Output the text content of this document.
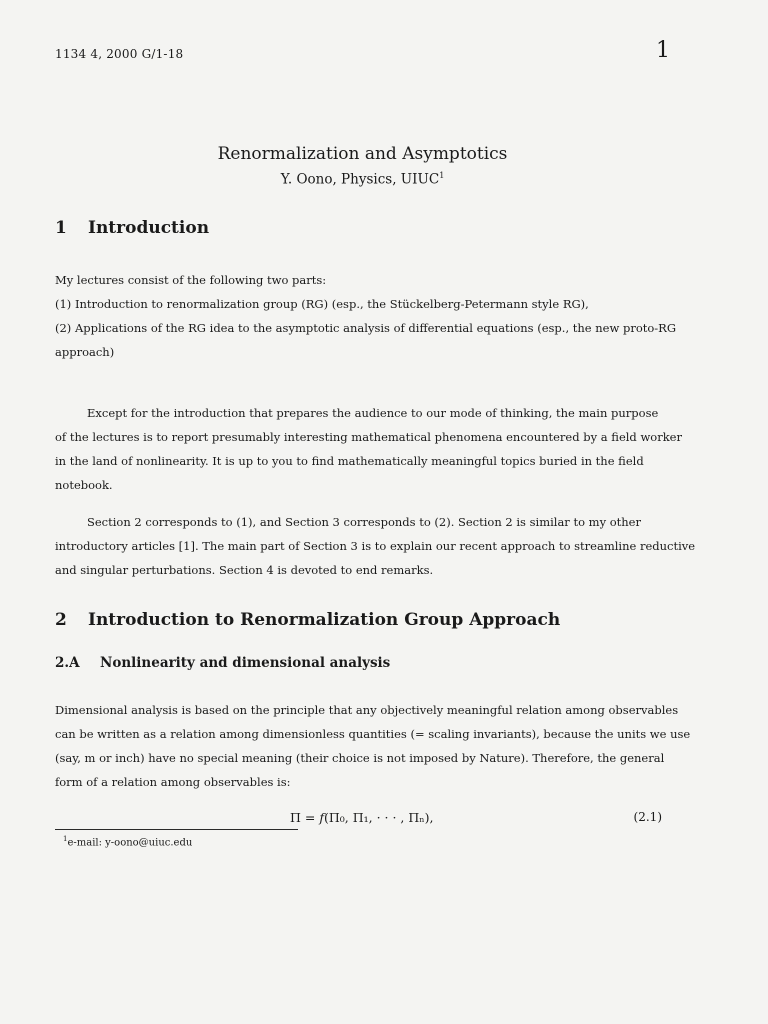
1134 4, 2000 G/1-18	1
Renormalization and Asymptotics
Y. Oono, Physics, UIUC$^1$
1 Introduction

My lectures consist of the following two parts:
(1) Introduction to renormalization group (RG) (esp., the Stückelberg-Petermann style RG),
(2) Applications of the RG idea to the asymptotic analysis of differential equations (esp., the new proto-RG
approach)

Except for the introduction that prepares the audience to our mode of thinking, the main purpose
of the lectures is to report presumably interesting mathematical phenomena encountered by a field worker
in the land of nonlinearity. It is up to you to find mathematically meaningful topics buried in the field
notebook.

Section 2 corresponds to (1), and Section 3 corresponds to (2). Section 2 is similar to my other
introductory articles [1]. The main part of Section 3 is to explain our recent approach to streamline reductive
and singular perturbations. Section 4 is devoted to end remarks.

2 Introduction to Renormalization Group Approach
2.A Nonlinearity and dimensional analysis

Dimensional analysis is based on the principle that any objectively meaningful relation among observables
can be written as a relation among dimensionless quantities (= scaling invariants), because the units we use
(say, m or inch) have no special meaning (their choice is not imposed by Nature). Therefore, the general
form of a relation among observables is:

Π = f(Π₀, Π₁, · · · , Πₙ),	(2.1)
$^1$e-mail: y-oono@uiuc.edu
